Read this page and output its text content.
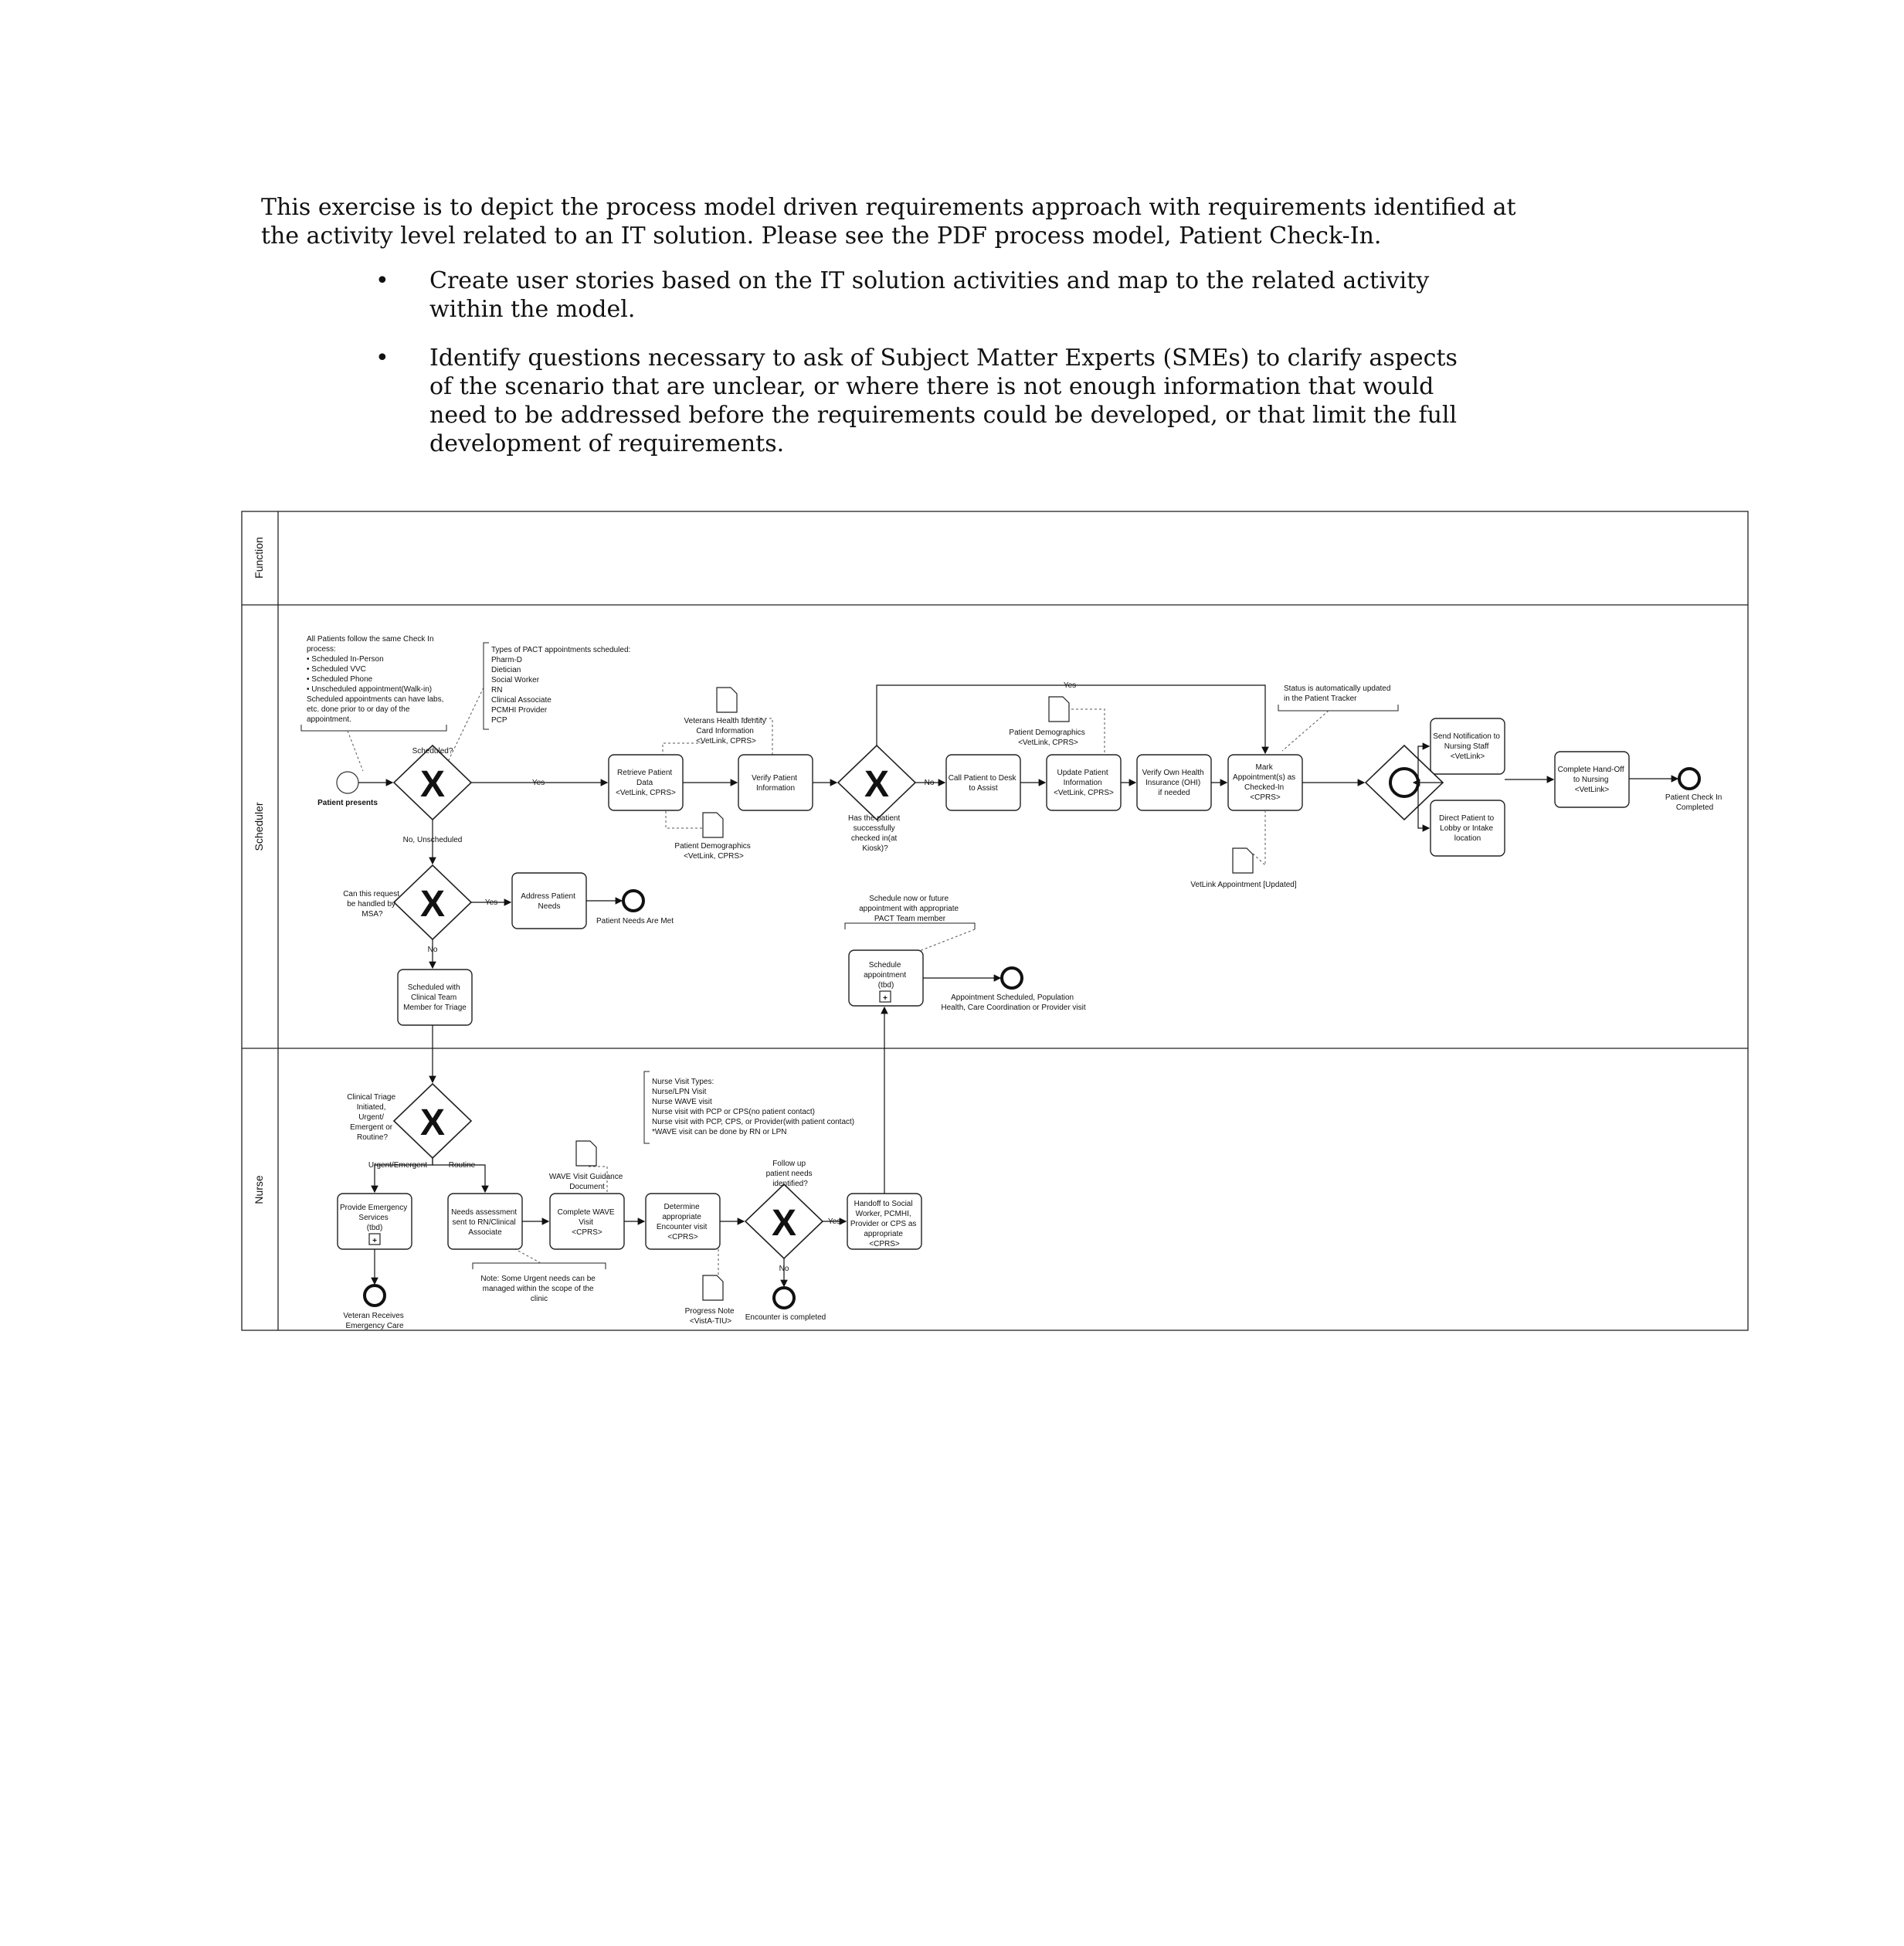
This exercise is to depict the process model driven requirements approach with requirements identified at

the activity level related to an IT solution. Please see the PDF process model, Patient Check-In.

• Create user stories based on the IT solution activities and map to the related activity
within the model.
• Identify questions necessary to ask of Subject Matter Experts (SMEs) to clarify aspects
of the scenario that are unclear, or where there is not enough information that would
need to be addressed before the requirements could be developed, or that limit the full
development of requirements.
Function
Scheduler
Nurse
+
+
X	X
X
X
X
Yes	No
Yes
No, Unscheduled
Yes
No
Urgent/Emergent	Routine
Yes
No
All Patients follow the same Check In process: • Scheduled In-Person • Scheduled VVC • Scheduled Phone • Unscheduled appointment(Walk-in) Scheduled appointments can have labs, etc. done prior to or day of the appointment.
Types of PACT appointments scheduled: Pharm-D Dietician Social Worker RN Clinical Associate PCMHI Provider PCP
Status is automatically updated in the Patient Tracker
Schedule now or future appointment with appropriate PACT Team member
Nurse Visit Types: Nurse/LPN Visit Nurse WAVE visit Nurse visit with PCP or CPS(no patient contact) Nurse visit with PCP, CPS, or Provider(with patient contact) *WAVE visit can be done by RN or LPN
Note: Some Urgent needs can be managed within the scope of the clinic
Veterans Health Identity Card Information <VetLink, CPRS>
Patient Demographics <VetLink, CPRS>
Patient Demographics <VetLink, CPRS>
VetLink Appointment [Updated]
WAVE Visit Guidance Document
Progress Note <VistA-TIU>
Retrieve Patient Data <VetLink, CPRS>
Verify Patient Information
Call Patient to Desk to Assist
Update Patient Information <VetLink, CPRS>
Verify Own Health Insurance (OHI) if needed
Mark Appointment(s) as Checked-In <CPRS>
Send Notification to Nursing Staff <VetLink>
Direct Patient to Lobby or Intake location
Complete Hand-Off to Nursing <VetLink>
Address Patient Needs
Scheduled with Clinical Team Member for Triage
Schedule appointment (tbd)
Provide Emergency Services (tbd)
Needs assessment sent to RN/Clinical Associate
Complete WAVE Visit <CPRS>
Determine appropriate Encounter visit <CPRS>
Handoff to Social Worker, PCMHI, Provider or CPS as appropriate <CPRS>
Scheduled?
Has the patient successfully checked in(at Kiosk)?
Can this request be handled by MSA?
Clinical Triage Initiated, Urgent/ Emergent or Routine?
Follow up patient needs identified?
Patient presents
Patient Needs Are Met
Patient Check In Completed
Appointment Scheduled, Population Health, Care Coordination or Provider visit
Veteran Receives Emergency Care
Encounter is completed
